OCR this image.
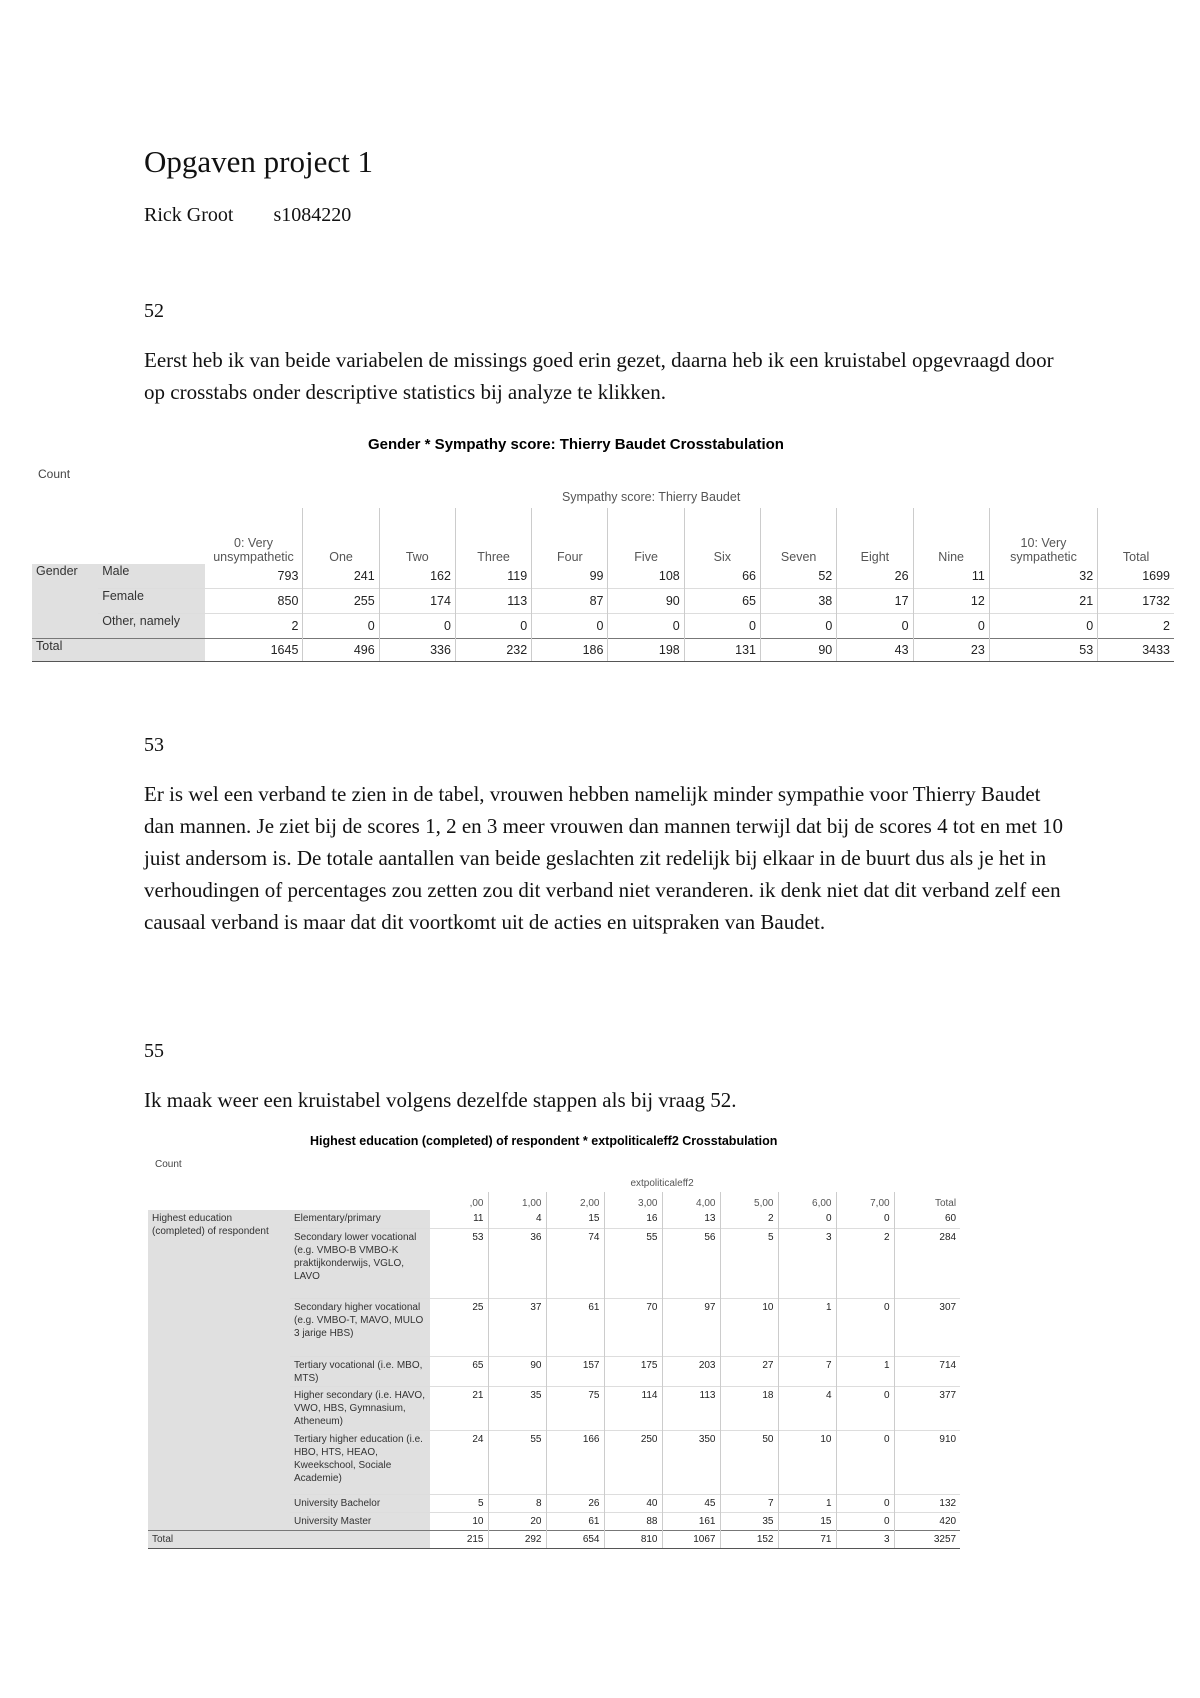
Opgaven project 1
Rick Groot s1084220
52

Eerst heb ik van beide variabelen de missings goed erin gezet, daarna heb ik een kruistabel opgevraagd door op crosstabs onder descriptive statistics bij analyze te klikken.

Gender * Sympathy score: Thierry Baudet Crosstabulation
Count
		Sympathy score: Thierry Baudet											
		0: Very unsympathetic	One	Two	Three	Four	Five	Six	Seven	Eight	Nine	10: Very sympathetic	Total
Gender	Male	793	241	162	119	99	108	66	52	26	11	32	1699
	Female	850	255	174	113	87	90	65	38	17	12	21	1732
	Other, namely	2	0	0	0	0	0	0	0	0	0	0	2
Total		1645	496	336	232	186	198	131	90	43	23	53	3433
53

Er is wel een verband te zien in de tabel, vrouwen hebben namelijk minder sympathie voor Thierry Baudet dan mannen. Je ziet bij de scores 1, 2 en 3 meer vrouwen dan mannen terwijl dat bij de scores 4 tot en met 10 juist andersom is. De totale aantallen van beide geslachten zit redelijk bij elkaar in de buurt dus als je het in verhoudingen of percentages zou zetten zou dit verband niet veranderen. ik denk niet dat dit verband zelf een causaal verband is maar dat dit voortkomt uit de acties en uitspraken van Baudet.

55

Ik maak weer een kruistabel volgens dezelfde stappen als bij vraag 52.

Highest education (completed) of respondent * extpoliticaleff2 Crosstabulation
Count
		extpoliticaleff2								
		,00	1,00	2,00	3,00	4,00	5,00	6,00	7,00	Total
Highest education (completed) of respondent	Elementary/primary	11	4	15	16	13	2	0	0	60
	Secondary lower vocational (e.g. VMBO-B VMBO-K praktijkonderwijs, VGLO, LAVO	53	36	74	55	56	5	3	2	284
	Secondary higher vocational (e.g. VMBO-T, MAVO, MULO 3 jarige HBS)	25	37	61	70	97	10	1	0	307
	Tertiary vocational (i.e. MBO, MTS)	65	90	157	175	203	27	7	1	714
	Higher secondary (i.e. HAVO, VWO, HBS, Gymnasium, Atheneum)	21	35	75	114	113	18	4	0	377
	Tertiary higher education (i.e. HBO, HTS, HEAO, Kweekschool, Sociale Academie)	24	55	166	250	350	50	10	0	910
	University Bachelor	5	8	26	40	45	7	1	0	132
	University Master	10	20	61	88	161	35	15	0	420
Total		215	292	654	810	1067	152	71	3	3257
